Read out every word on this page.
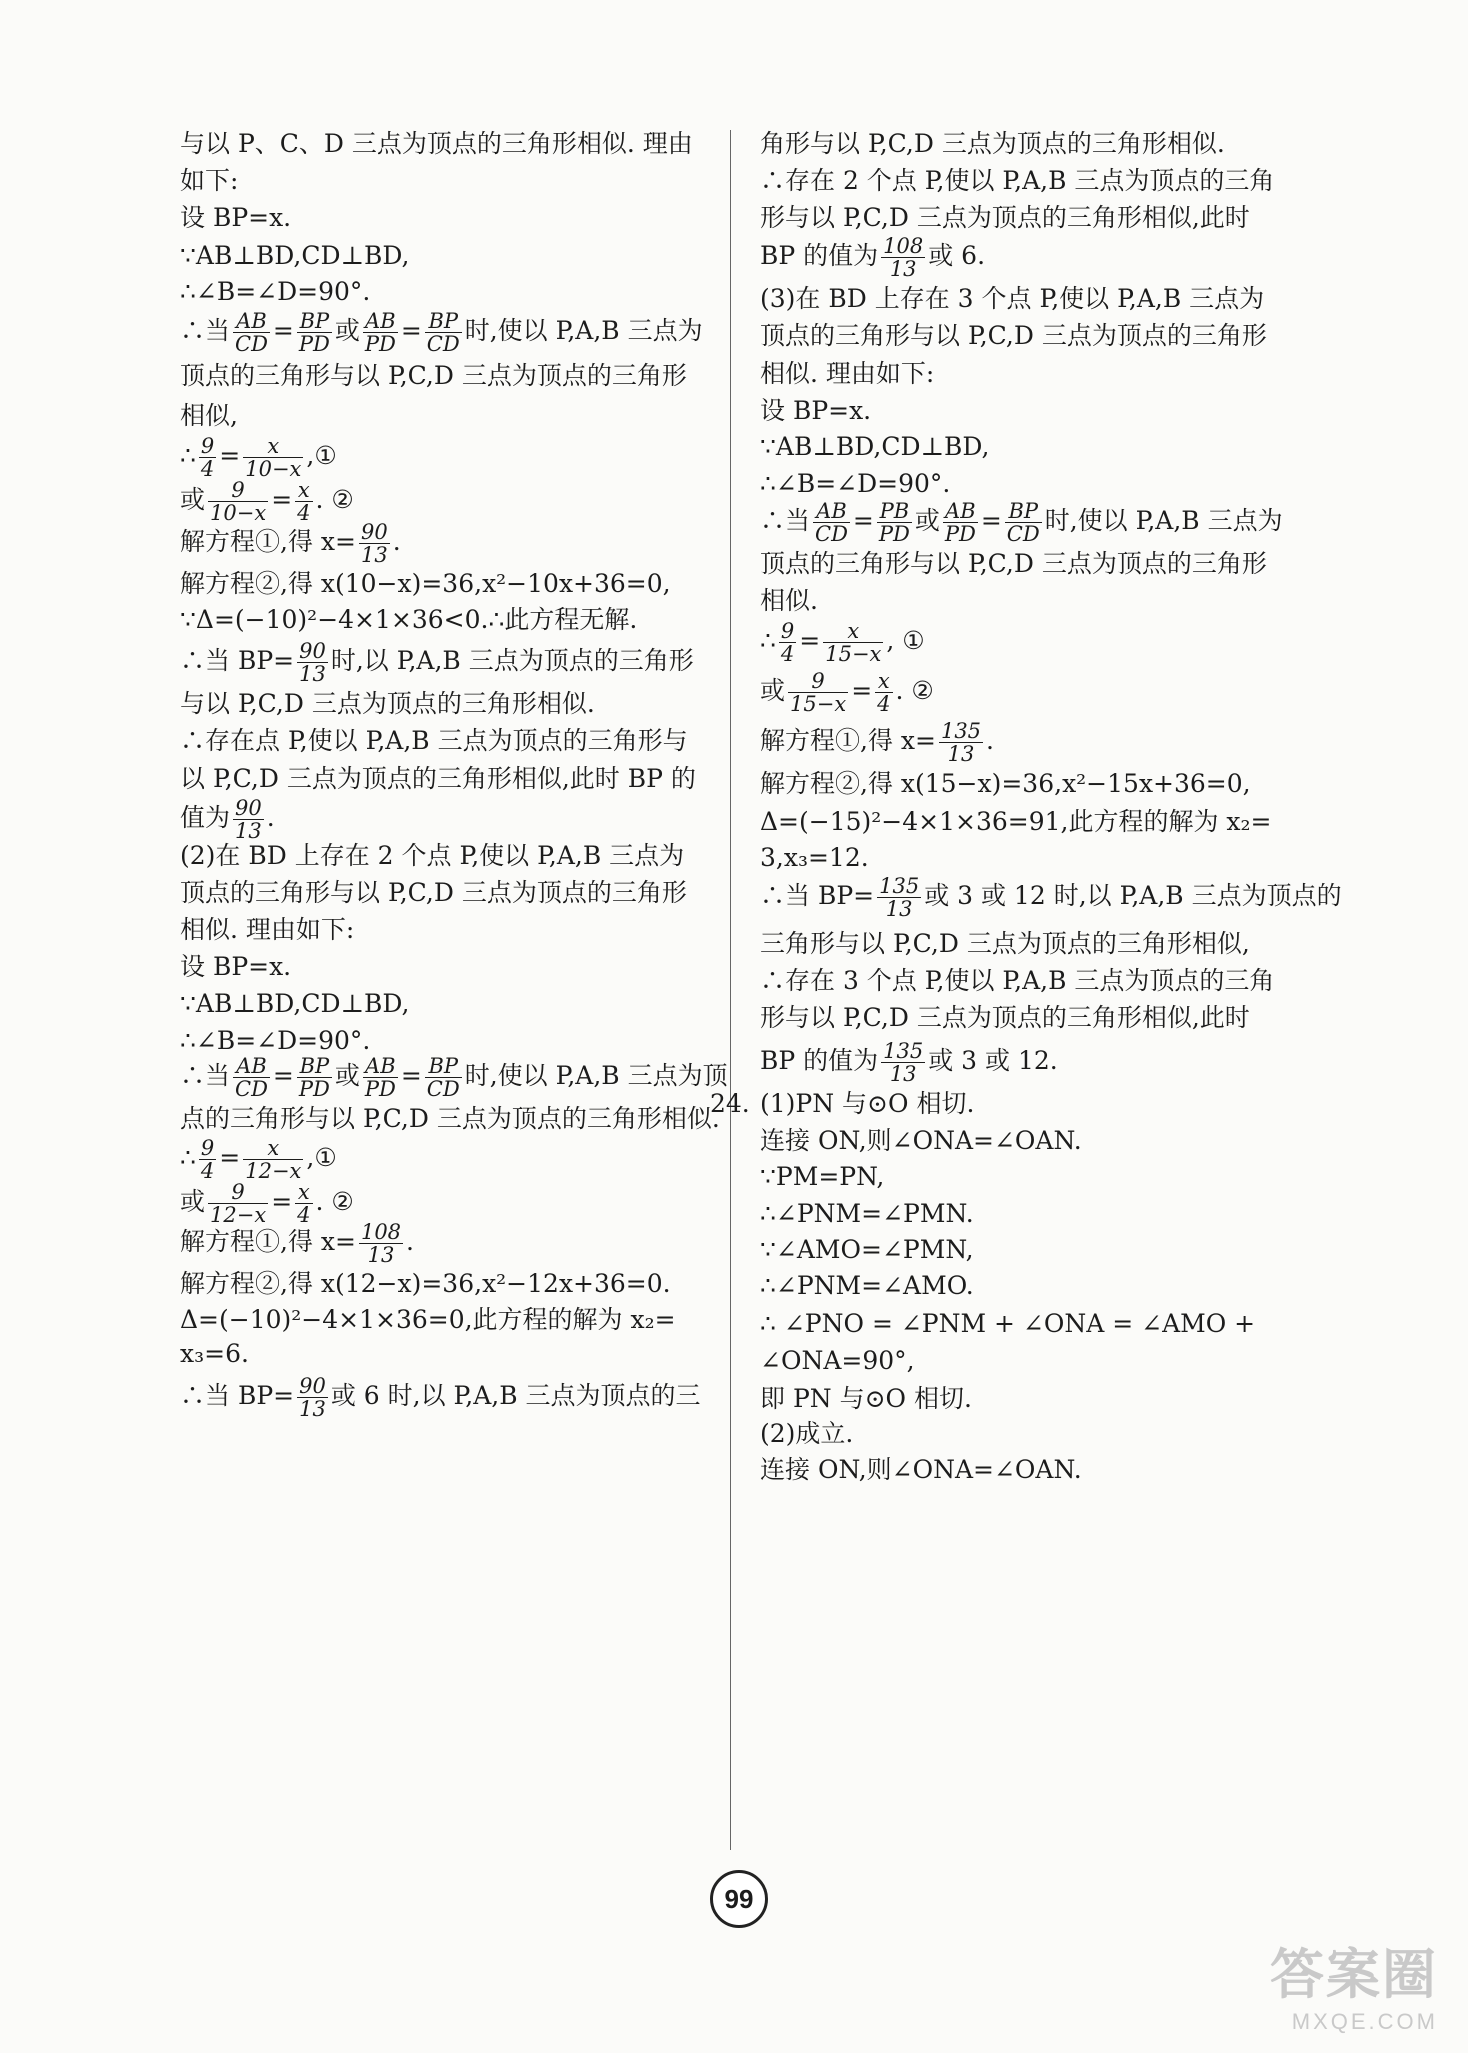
与以 P、C、D 三点为顶点的三角形相似. 理由
如下:
设 BP=x.
∵AB⊥BD,CD⊥BD,
∴∠B=∠D=90°.
∴当 $\frac{AB}{CD} = \frac{BP}{PD}$ 或 $\frac{AB}{PD} = \frac{BP}{CD}$ 时,使以 P,A,B 三点为
顶点的三角形与以 P,C,D 三点为顶点的三角形
相似,
∴ $\frac{9}{4} = \frac{x}{10-x}$ ,①
或 $\frac{9}{10-x} = \frac{x}{4}$ . ②
解方程①,得 $x= \frac{90}{13}$ .
解方程②,得 x(10−x)=36,x²−10x+36=0,
∵Δ=(−10)²−4×1×36<0.∴此方程无解.
∴当 $BP= \frac{90}{13}$ 时,以 P,A,B 三点为顶点的三角形
与以 P,C,D 三点为顶点的三角形相似.
∴存在点 P,使以 P,A,B 三点为顶点的三角形与
以 P,C,D 三点为顶点的三角形相似,此时 BP 的
值为 $\frac{90}{13}$ .
(2)在 BD 上存在 2 个点 P,使以 P,A,B 三点为
顶点的三角形与以 P,C,D 三点为顶点的三角形
相似. 理由如下:
设 BP=x.
∵AB⊥BD,CD⊥BD,
∴∠B=∠D=90°.
∴当 $\frac{AB}{CD} = \frac{BP}{PD}$ 或 $\frac{AB}{PD} = \frac{BP}{CD}$ 时,使以 P,A,B 三点为顶
点的三角形与以 P,C,D 三点为顶点的三角形相似.
∴ $\frac{9}{4} = \frac{x}{12-x}$ ,①
或 $\frac{9}{12-x} = \frac{x}{4}$ . ②
解方程①,得 $x= \frac{108}{13}$ .
解方程②,得 x(12−x)=36,x²−12x+36=0.
Δ=(−10)²−4×1×36=0,此方程的解为 x₂=
x₃=6.
∴当 $BP= \frac{90}{13}$ 或 6 时,以 P,A,B 三点为顶点的三
角形与以 P,C,D 三点为顶点的三角形相似.
∴存在 2 个点 P,使以 P,A,B 三点为顶点的三角
形与以 P,C,D 三点为顶点的三角形相似,此时
BP 的值为 $\frac{108}{13}$ 或 6.
(3)在 BD 上存在 3 个点 P,使以 P,A,B 三点为
顶点的三角形与以 P,C,D 三点为顶点的三角形
相似. 理由如下:
设 BP=x.
∵AB⊥BD,CD⊥BD,
∴∠B=∠D=90°.
∴当 $\frac{AB}{CD} = \frac{PB}{PD}$ 或 $\frac{AB}{PD} = \frac{BP}{CD}$ 时,使以 P,A,B 三点为
顶点的三角形与以 P,C,D 三点为顶点的三角形
相似.
∴ $\frac{9}{4} = \frac{x}{15-x}$ , ①
或 $\frac{9}{15-x} = \frac{x}{4}$ . ②
解方程①,得 $x= \frac{135}{13}$ .
解方程②,得 x(15−x)=36,x²−15x+36=0,
Δ=(−15)²−4×1×36=91,此方程的解为 x₂=
3,x₃=12.
∴当 $BP= \frac{135}{13}$ 或 3 或 12 时,以 P,A,B 三点为顶点的
三角形与以 P,C,D 三点为顶点的三角形相似,
∴存在 3 个点 P,使以 P,A,B 三点为顶点的三角
形与以 P,C,D 三点为顶点的三角形相似,此时
BP 的值为 $\frac{135}{13}$ 或 3 或 12.
24. (1)PN 与⊙O 相切.
连接 ON,则∠ONA=∠OAN.
∵PM=PN,
∴∠PNM=∠PMN.
∵∠AMO=∠PMN,
∴∠PNM=∠AMO.
∴ ∠PNO = ∠PNM + ∠ONA = ∠AMO +
∠ONA=90°,
即 PN 与⊙O 相切.
(2)成立.
连接 ON,则∠ONA=∠OAN.
99
答案圈
MXQE.COM
